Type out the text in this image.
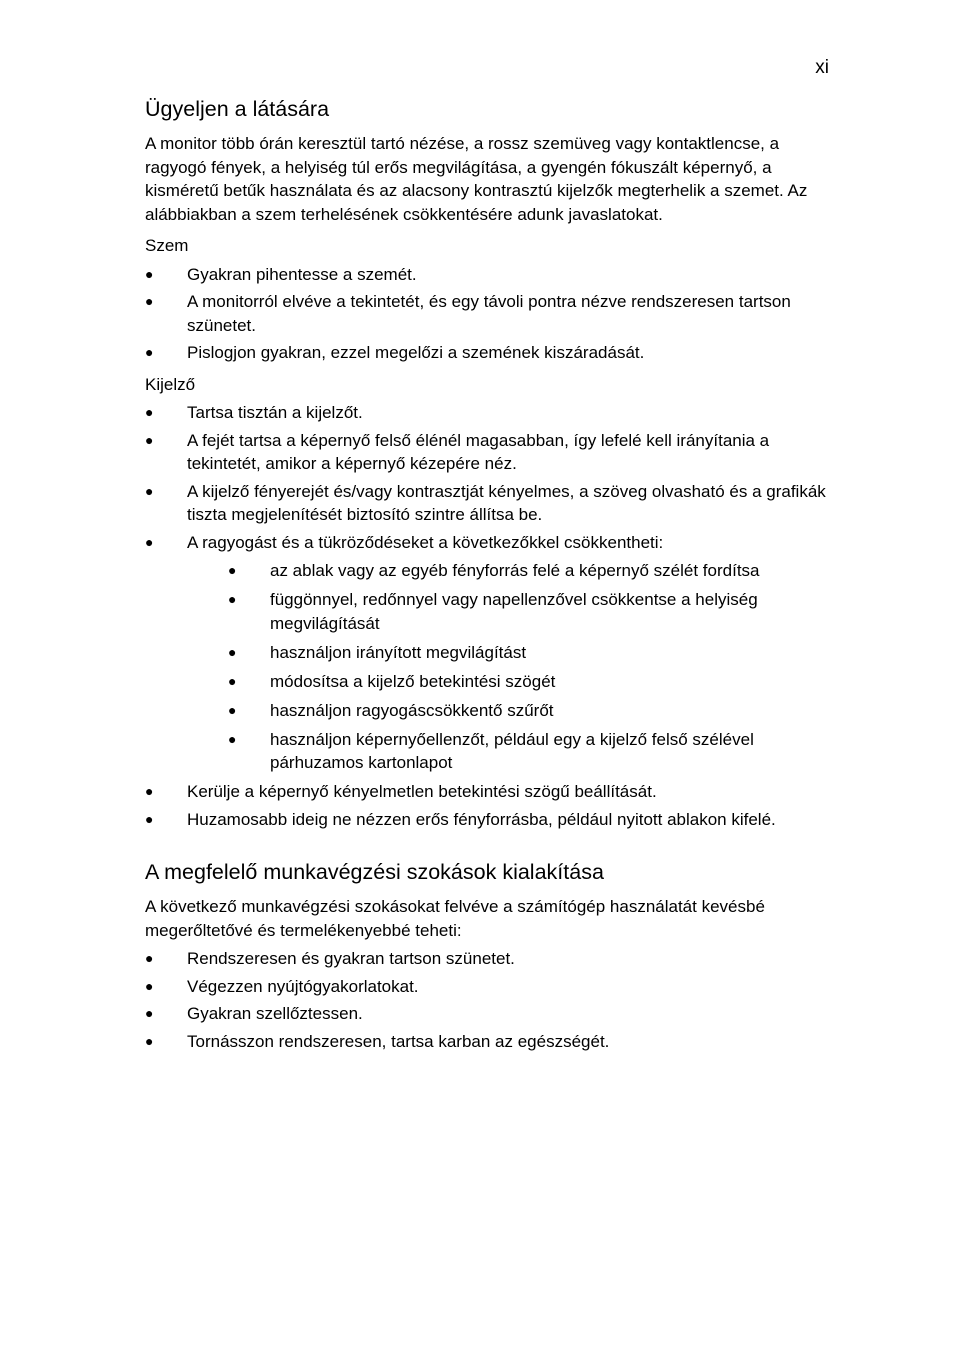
xi
Ügyeljen a látására

A monitor több órán keresztül tartó nézése, a rossz szemüveg vagy kontaktlencse, a ragyogó fények, a helyiség túl erős megvilágítása, a gyengén fókuszált képernyő, a kisméretű betűk használata és az alacsony kontrasztú kijelzők megterhelik a szemet. Az alábbiakban a szem terhelésének csökkentésére adunk javaslatokat.

Szem

● Gyakran pihentesse a szemét.
● A monitorról elvéve a tekintetét, és egy távoli pontra nézve rendszeresen tartson szünetet.
● Pislogjon gyakran, ezzel megelőzi a szemének kiszáradását.

Kijelző

● Tartsa tisztán a kijelzőt.
● A fejét tartsa a képernyő felső élénél magasabban, így lefelé kell irányítania a tekintetét, amikor a képernyő kézepére néz.
● A kijelző fényerejét és/vagy kontrasztját kényelmes, a szöveg olvasható és a grafikák tiszta megjelenítését biztosító szintre állítsa be.
● A ragyogást és a tükröződéseket a következőkkel csökkentheti:
● az ablak vagy az egyéb fényforrás felé a képernyő szélét fordítsa
● függönnyel, redőnnyel vagy napellenzővel csökkentse a helyiség megvilágítását
● használjon irányított megvilágítást
● módosítsa a kijelző betekintési szögét
● használjon ragyogáscsökkentő szűrőt
● használjon képernyőellenzőt, például egy a kijelző felső szélével párhuzamos kartonlapot
● Kerülje a képernyő kényelmetlen betekintési szögű beállítását.
● Huzamosabb ideig ne nézzen erős fényforrásba, például nyitott ablakon kifelé.
A megfelelő munkavégzési szokások kialakítása

A következő munkavégzési szokásokat felvéve a számítógép használatát kevésbé megerőltetővé és termelékenyebbé teheti:

● Rendszeresen és gyakran tartson szünetet.
● Végezzen nyújtógyakorlatokat.
● Gyakran szellőztessen.
● Tornásszon rendszeresen, tartsa karban az egészségét.
